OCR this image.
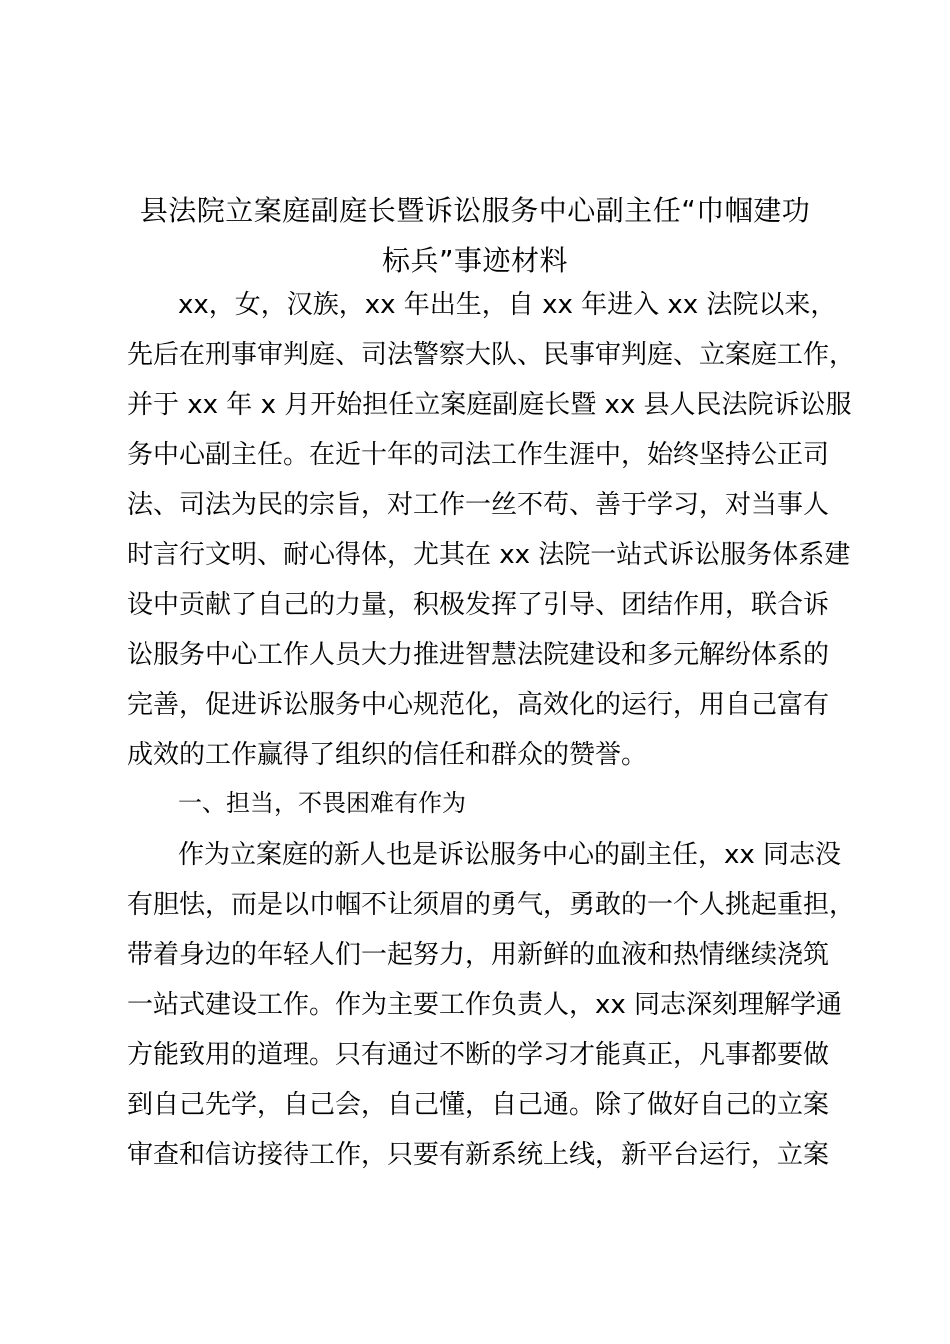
县法院立案庭副庭长暨诉讼服务中心副主任“巾帼建功
标兵”事迹材料
xx，女，汉族，xx 年出生，自 xx 年进入 xx 法院以来，
先后在刑事审判庭、司法警察大队、民事审判庭、立案庭工作，
并于 xx 年 x 月开始担任立案庭副庭长暨 xx 县人民法院诉讼服
务中心副主任。在近十年的司法工作生涯中，始终坚持公正司
法、司法为民的宗旨，对工作一丝不苟、善于学习，对当事人
时言行文明、耐心得体，尤其在 xx 法院一站式诉讼服务体系建
设中贡献了自己的力量，积极发挥了引导、团结作用，联合诉
讼服务中心工作人员大力推进智慧法院建设和多元解纷体系的
完善，促进诉讼服务中心规范化，高效化的运行，用自己富有
成效的工作赢得了组织的信任和群众的赞誉。
一、担当，不畏困难有作为
作为立案庭的新人也是诉讼服务中心的副主任，xx 同志没
有胆怯，而是以巾帼不让须眉的勇气，勇敢的一个人挑起重担，
带着身边的年轻人们一起努力，用新鲜的血液和热情继续浇筑
一站式建设工作。作为主要工作负责人，xx 同志深刻理解学通
方能致用的道理。只有通过不断的学习才能真正，凡事都要做
到自己先学，自己会，自己懂，自己通。除了做好自己的立案
审查和信访接待工作，只要有新系统上线，新平台运行，立案
